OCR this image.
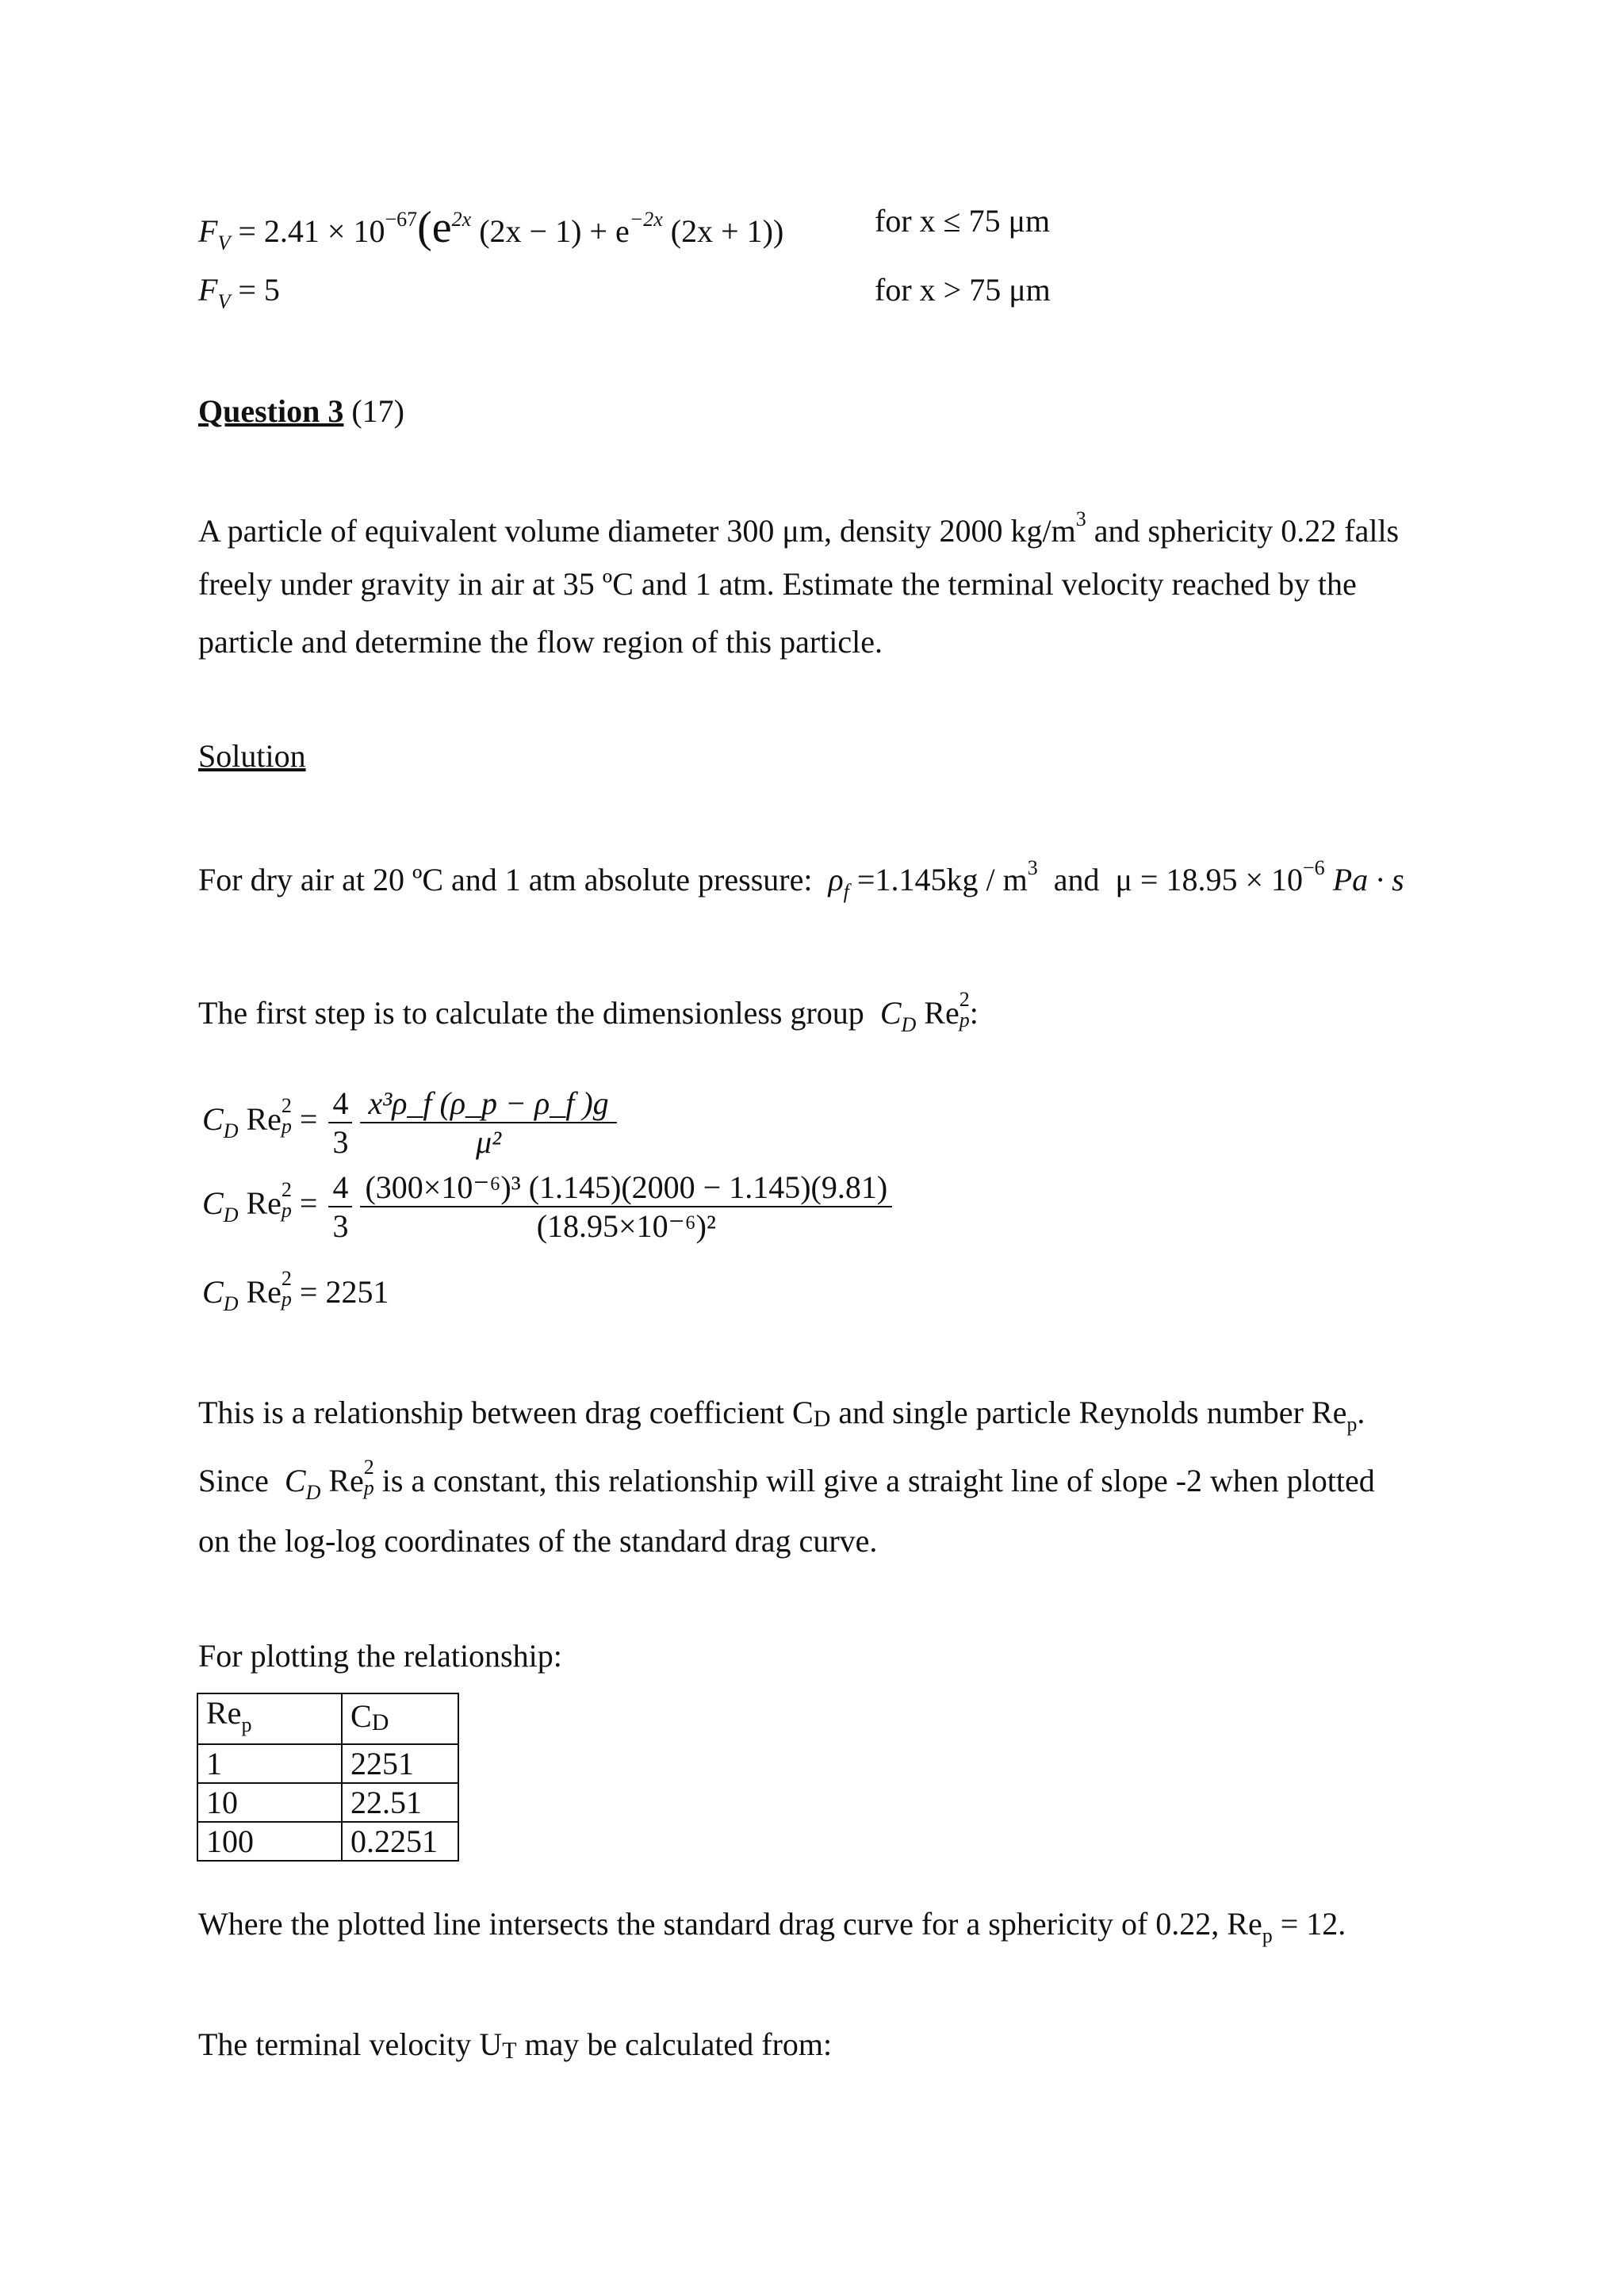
$F_V = 2.41 \times 10^{-67}(e^{2x}$ $(2x - 1) + e^{-2x}$ (2x + 1))	for x ≤ 75 μm
$F_V = 5$	for x > 75 μm
Question 3 (17)
A particle of equivalent volume diameter 300 μm, density 2000 $kg/m^3$ and sphericity 0.22 falls
freely under gravity in air at 35 ºC and 1 atm. Estimate the terminal velocity reached by the
particle and determine the flow region of this particle.
Solution
For dry air at 20 ºC and 1 atm absolute pressure: $\rho_f =1.145kg / m^3$ and $\mu = 18.95 \times 10^{-6}$ Pa · s
The first step is to calculate the dimensionless group $C_D$ Re 2
p :
$C_D$ Re 2
$p = \frac{4}{3}$
$\frac{\text{x³ρ\_f (ρ\_p − ρ\_f )g}}{\text{μ²}}$
$C_D$ Re 2
$p = \frac{4}{3}$
$\frac{\text{(300×10⁻⁶)³ (1.145)(2000 − 1.145)(9.81)}}{\text{(18.95×10⁻⁶)²}}$
$C_D$ Re 2
p = 2251
This is a relationship between drag coefficient CD and single particle Reynolds number $Re_p$.
Since $C_D$ Re 2
p is a constant, this relationship will give a straight line of slope -2 when plotted
on the log-log coordinates of the standard drag curve.
For plotting the relationship:
$Re_p$	CD
1	2251
10	22.51
100	0.2251
Where the plotted line intersects the standard drag curve for a sphericity of 0.22, $Re_p = 12$.
The terminal velocity UT may be calculated from:
